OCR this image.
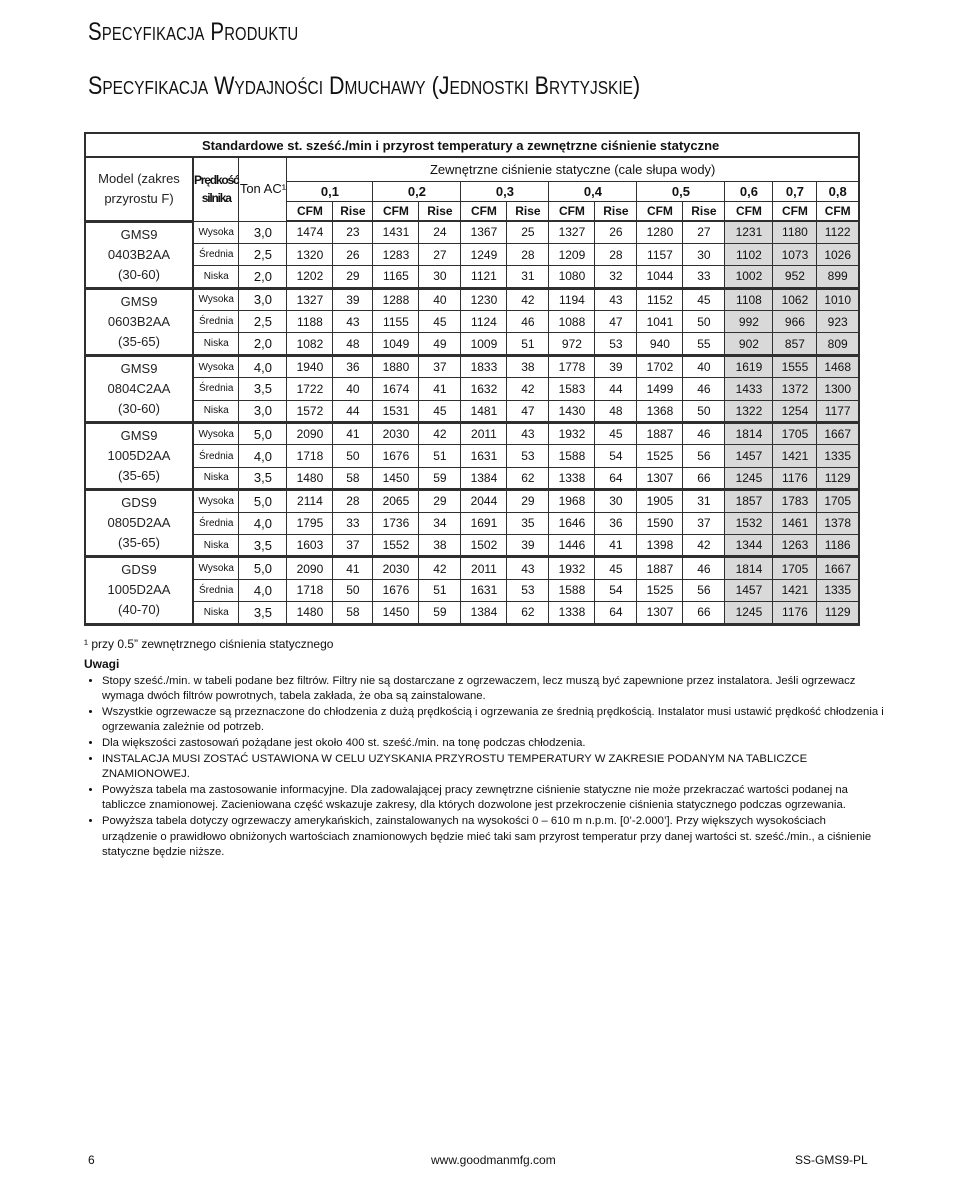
Specyfikacja Produktu
Specyfikacja Wydajności Dmuchawy (Jednostki Brytyjskie)
Standardowe st. sześć./min i przyrost temperatury a zewnętrzne ciśnienie statyczne															
Model (zakres przyrostu F)	Prędkość silnika	Ton AC¹	Zewnętrzne ciśnienie statyczne (cale słupa wody)												
			0,1		0,2		0,3		0,4		0,5		0,6	0,7	0,8
			CFM	Rise	CFM	Rise	CFM	Rise	CFM	Rise	CFM	Rise	CFM	CFM	CFM

GMS9
0403B2AA
(30-60)	Wysoka	3,0	1474	23	1431	24	1367	25	1327	26	1280	27	1231	1180	1122
	Średnia	2,5	1320	26	1283	27	1249	28	1209	28	1157	30	1102	1073	1026
	Niska	2,0	1202	29	1165	30	1121	31	1080	32	1044	33	1002	952	899

GMS9
0603B2AA
(35-65)	Wysoka	3,0	1327	39	1288	40	1230	42	1194	43	1152	45	1108	1062	1010
	Średnia	2,5	1188	43	1155	45	1124	46	1088	47	1041	50	992	966	923
	Niska	2,0	1082	48	1049	49	1009	51	972	53	940	55	902	857	809

GMS9
0804C2AA
(30-60)	Wysoka	4,0	1940	36	1880	37	1833	38	1778	39	1702	40	1619	1555	1468
	Średnia	3,5	1722	40	1674	41	1632	42	1583	44	1499	46	1433	1372	1300
	Niska	3,0	1572	44	1531	45	1481	47	1430	48	1368	50	1322	1254	1177

GMS9
1005D2AA
(35-65)	Wysoka	5,0	2090	41	2030	42	2011	43	1932	45	1887	46	1814	1705	1667
	Średnia	4,0	1718	50	1676	51	1631	53	1588	54	1525	56	1457	1421	1335
	Niska	3,5	1480	58	1450	59	1384	62	1338	64	1307	66	1245	1176	1129

GDS9
0805D2AA
(35-65)	Wysoka	5,0	2114	28	2065	29	2044	29	1968	30	1905	31	1857	1783	1705
	Średnia	4,0	1795	33	1736	34	1691	35	1646	36	1590	37	1532	1461	1378
	Niska	3,5	1603	37	1552	38	1502	39	1446	41	1398	42	1344	1263	1186

GDS9
1005D2AA
(40-70)	Wysoka	5,0	2090	41	2030	42	2011	43	1932	45	1887	46	1814	1705	1667
	Średnia	4,0	1718	50	1676	51	1631	53	1588	54	1525	56	1457	1421	1335
	Niska	3,5	1480	58	1450	59	1384	62	1338	64	1307	66	1245	1176	1129
¹ przy 0.5” zewnętrznego ciśnienia statycznego
Uwagi
• Stopy sześć./min. w tabeli podane bez filtrów. Filtry nie są dostarczane z ogrzewaczem, lecz muszą być zapewnione przez instalatora. Jeśli ogrzewacz wymaga dwóch filtrów powrotnych, tabela zakłada, że oba są zainstalowane.
• Wszystkie ogrzewacze są przeznaczone do chłodzenia z dużą prędkością i ogrzewania ze średnią prędkością. Instalator musi ustawić prędkość chłodzenia i ogrzewania zależnie od potrzeb.
• Dla większości zastosowań pożądane jest około 400 st. sześć./min. na tonę podczas chłodzenia.
• INSTALACJA MUSI ZOSTAĆ USTAWIONA W CELU UZYSKANIA PRZYROSTU TEMPERATURY W ZAKRESIE PODANYM NA TABLICZCE ZNAMIONOWEJ.
• Powyższa tabela ma zastosowanie informacyjne. Dla zadowalającej pracy zewnętrzne ciśnienie statyczne nie może przekraczać wartości podanej na tabliczce znamionowej. Zacieniowana część wskazuje zakresy, dla których dozwolone jest przekroczenie ciśnienia statycznego podczas ogrzewania.
• Powyższa tabela dotyczy ogrzewaczy amerykańskich, zainstalowanych na wysokości 0 – 610 m n.p.m. [0’-2.000’]. Przy większych wysokościach urządzenie o prawidłowo obniżonych wartościach znamionowych będzie mieć taki sam przyrost temperatur przy danej wartości st. sześć./min., a ciśnienie statyczne będzie niższe.
6	www.goodmanmfg.com	SS-GMS9-PL
